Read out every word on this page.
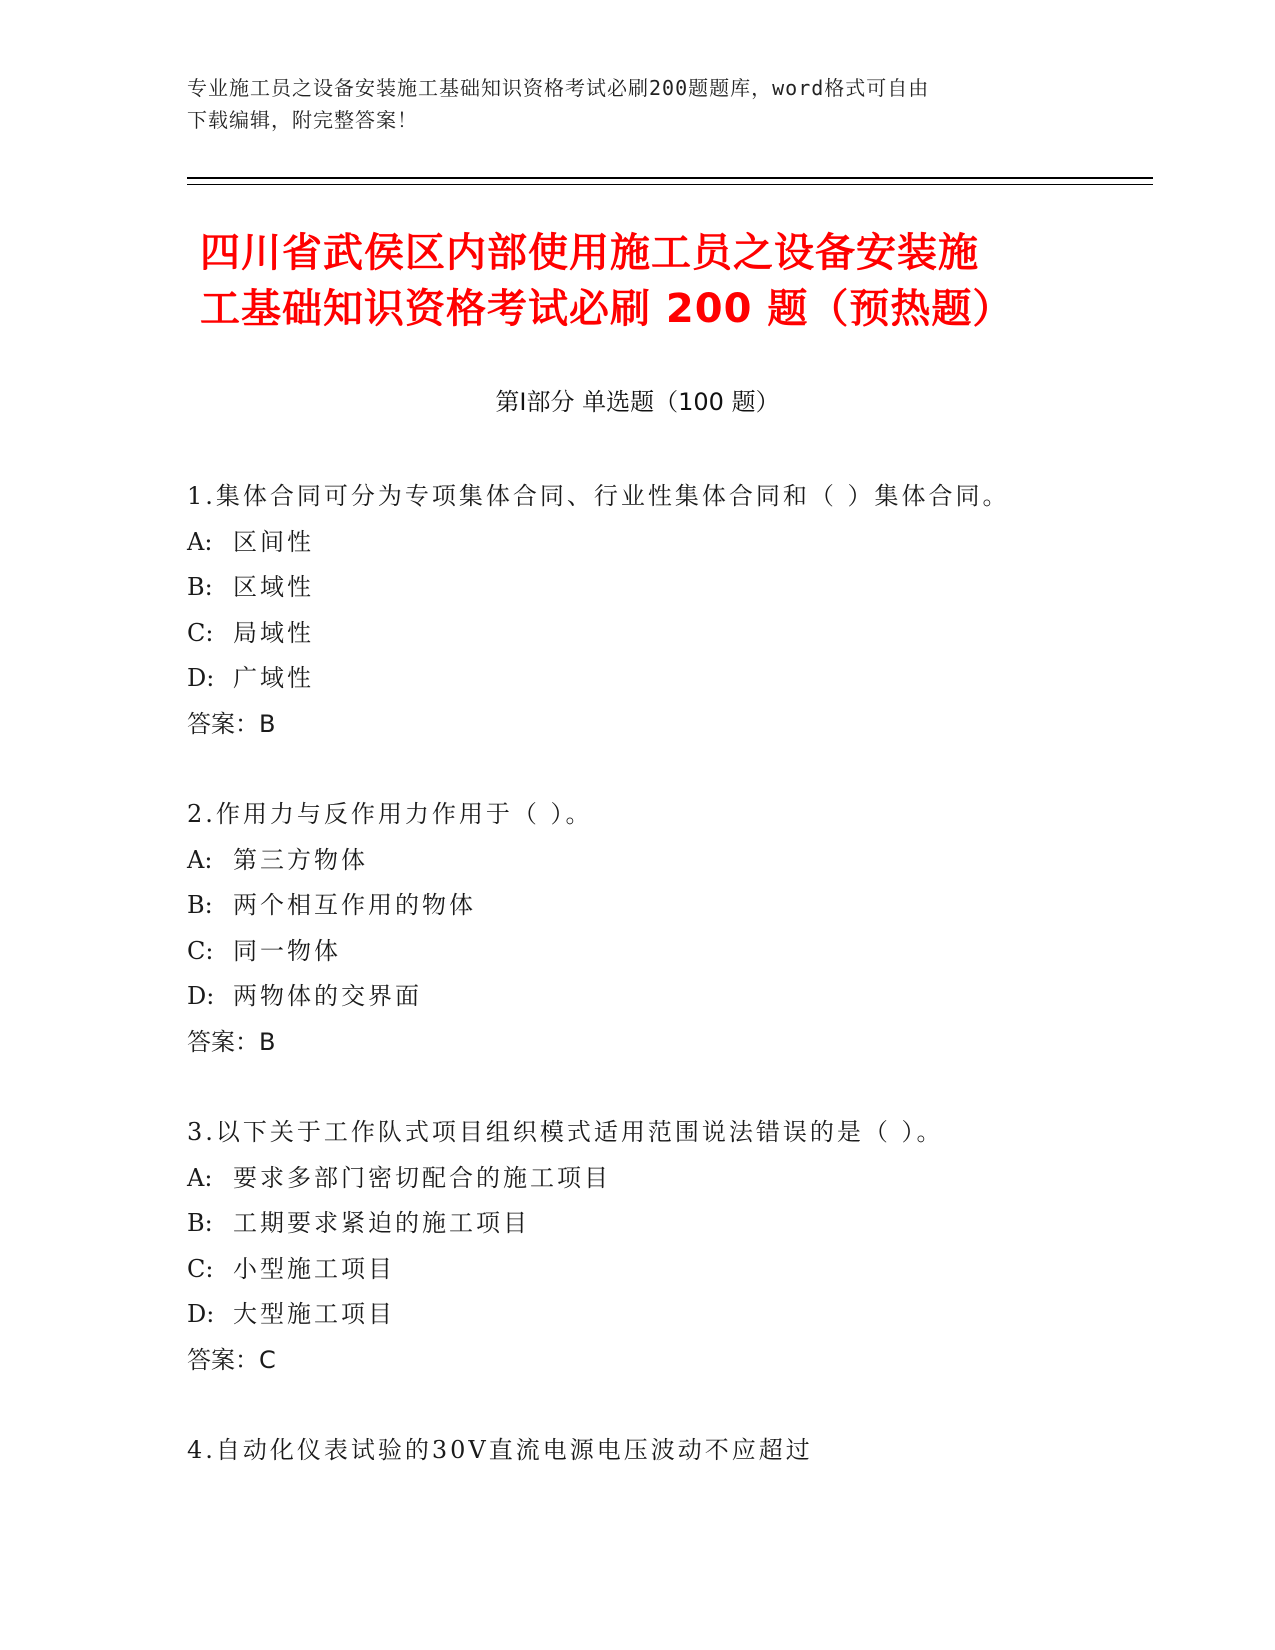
专业施工员之设备安装施工基础知识资格考试必刷200题题库，word格式可自由
下载编辑，附完整答案！
四川省武侯区内部使用施工员之设备安装施
工基础知识资格考试必刷 200 题（预热题）
第Ⅰ部分 单选题（100 题）
1.集体合同可分为专项集体合同、行业性集体合同和（ ）集体合同。
A: 区间性
B: 区域性
C: 局域性
D: 广域性
答案：B
2.作用力与反作用力作用于（ ）。
A: 第三方物体
B: 两个相互作用的物体
C: 同一物体
D: 两物体的交界面
答案：B
3.以下关于工作队式项目组织模式适用范围说法错误的是（ ）。
A: 要求多部门密切配合的施工项目
B: 工期要求紧迫的施工项目
C: 小型施工项目
D: 大型施工项目
答案：C
4.自动化仪表试验的30V直流电源电压波动不应超过
